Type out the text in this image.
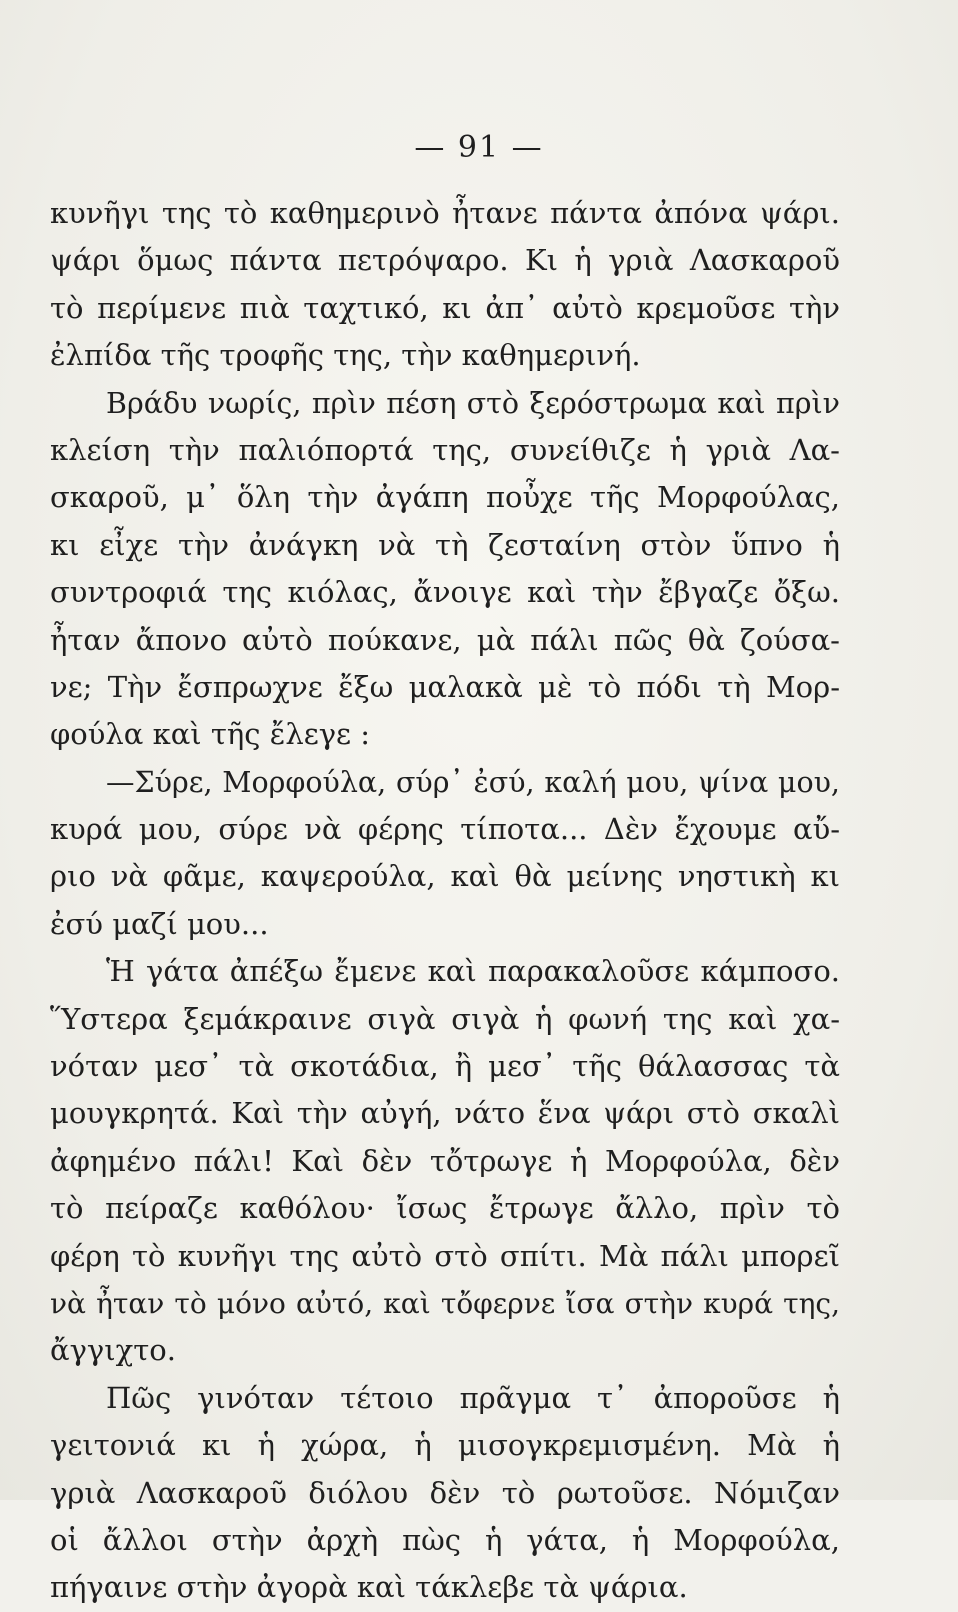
— 91 —
κυνῆγι της τὸ καθημερινὸ ἦτανε πάντα ἀπόνα ψάρι.
ψάρι ὅμως πάντα πετρόψαρο. Κι ἡ γριὰ Λασκαροῦ
τὸ περίμενε πιὰ ταχτικό, κι ἀπ᾽ αὐτὸ κρεμοῦσε τὴν
ἐλπίδα τῆς τροφῆς της, τὴν καθημερινή.
Βράδυ νωρίς, πρὶν πέση στὸ ξερόστρωμα καὶ πρὶν
κλείση τὴν παλιόπορτά της, συνείθιζε ἡ γριὰ Λα-
σκαροῦ, μ᾽ ὅλη τὴν ἀγάπη ποὖχε τῆς Μορφούλας,
κι εἶχε τὴν ἀνάγκη νὰ τὴ ζεσταίνη στὸν ὕπνο ἡ
συντροφιά της κιόλας, ἄνοιγε καὶ τὴν ἔβγαζε ὄξω.
ἦταν ἄπονο αὐτὸ πούκανε, μὰ πάλι πῶς θὰ ζούσα-
νε; Τὴν ἔσπρωχνε ἔξω μαλακὰ μὲ τὸ πόδι τὴ Μορ-
φούλα καὶ τῆς ἔλεγε :
—Σύρε, Μορφούλα, σύρ᾽ ἐσύ, καλή μου, ψίνα μου,
κυρά μου, σύρε νὰ φέρης τίποτα... Δὲν ἔχουμε αὔ-
ριο νὰ φᾶμε, καψερούλα, καὶ θὰ μείνης νηστικὴ κι
ἐσύ μαζί μου...
Ἡ γάτα ἀπέξω ἔμενε καὶ παρακαλοῦσε κάμποσο.
Ὕστερα ξεμάκραινε σιγὰ σιγὰ ἡ φωνή της καὶ χα-
νόταν μεσ᾽ τὰ σκοτάδια, ἢ μεσ᾽ τῆς θάλασσας τὰ
μουγκρητά. Καὶ τὴν αὐγή, νάτο ἕνα ψάρι στὸ σκαλὶ
ἀφημένο πάλι! Καὶ δὲν τὄτρωγε ἡ Μορφούλα, δὲν
τὸ πείραζε καθόλου· ἴσως ἔτρωγε ἄλλο, πρὶν τὸ
φέρη τὸ κυνῆγι της αὐτὸ στὸ σπίτι. Μὰ πάλι μπορεῖ
νὰ ἦταν τὸ μόνο αὐτό, καὶ τὄφερνε ἴσα στὴν κυρά της,
ἄγγιχτο.
Πῶς γινόταν τέτοιο πρᾶγμα τ᾽ ἀποροῦσε ἡ
γειτονιά κι ἡ χώρα, ἡ μισογκρεμισμένη. Μὰ ἡ
γριὰ Λασκαροῦ διόλου δὲν τὸ ρωτοῦσε. Νόμιζαν
οἱ ἄλλοι στὴν ἀρχὴ πὼς ἡ γάτα, ἡ Μορφούλα,
πήγαινε στὴν ἀγορὰ καὶ τάκλεβε τὰ ψάρια.
